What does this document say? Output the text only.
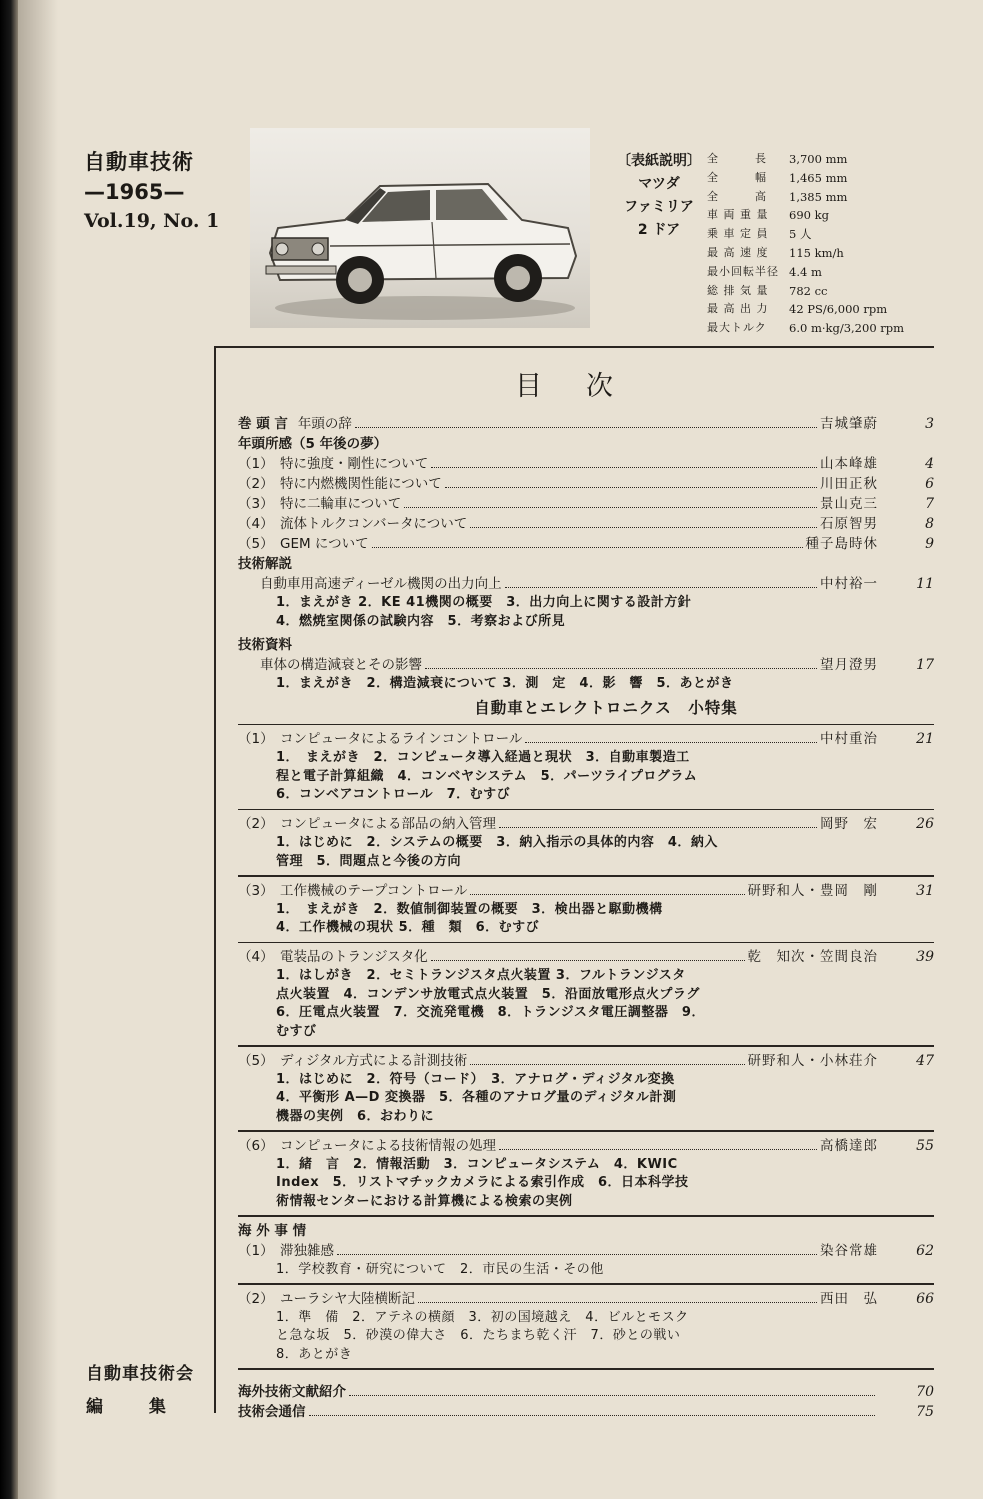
自動車技術
—1965—
Vol.19, No. 1
〔表紙説明〕
マツダ
ファミリア
2 ドア
全　　　長	3,700 mm
全　　　幅	1,465 mm
全　　　高	1,385 mm
車 両 重 量	690 kg
乗 車 定 員	5 人
最 高 速 度	115 km/h
最小回転半径 4.4 m
総 排 気 量	782 cc
最 高 出 力	42 PS/6,000 rpm
最大トルク	6.0 m·kg/3,200 rpm
目次
巻 頭 言 年頭の辞	吉城肇蔚	3
年頭所感（5 年後の夢）
（1） 特に強度・剛性について	山本峰雄	4
（2） 特に内燃機関性能について	川田正秋	6
（3） 特に二輪車について	景山克三	7
（4） 流体トルクコンバータについて	石原智男	8
（5） GEM について	種子島時休	9
技術解説
自動車用高速ディーゼル機関の出力向上	中村裕一	11
1．まえがき 2．KE 41機関の概要　3．出力向上に関する設計方針
4．燃焼室関係の試験内容　5．考察および所見
技術資料
車体の構造減衰とその影響	望月澄男	17
1．まえがき　2．構造減衰について 3．測　定　4．影　響　5．あとがき
自動車とエレクトロニクス　小特集
（1） コンピュータによるラインコントロール	中村重治	21
1．　まえがき　2．コンピュータ導入経過と現状　3．自動車製造工
程と電子計算組織　4．コンベヤシステム　5．パーツライプログラム
6．コンベアコントロール　7．むすび
（2） コンピュータによる部品の納入管理	岡野　宏	26
1．はじめに　2．システムの概要　3．納入指示の具体的内容　4．納入
管理　5．問題点と今後の方向
（3） 工作機械のテープコントロール	研野和人・豊岡　剛	31
1．　まえがき　2．数値制御装置の概要　3．検出器と駆動機構
4．工作機械の現状 5．種　類　6．むすび
（4） 電装品のトランジスタ化	乾　知次・笠間良治	39
1．はしがき　2．セミトランジスタ点火装置 3．フルトランジスタ
点火装置　4．コンデンサ放電式点火装置　5．沿面放電形点火プラグ
6．圧電点火装置　7．交流発電機　8．トランジスタ電圧調整器　9．
むすび
（5） ディジタル方式による計測技術	研野和人・小林荘介	47
1．はじめに　2．符号（コード）　3．アナログ・ディジタル変換
4．平衡形 A—D 変換器　5．各種のアナログ量のディジタル計測
機器の実例　6．おわりに
（6） コンピュータによる技術情報の処理	高橋達郎	55
1．緒　言　2．情報活動　3．コンピュータシステム　4．KWIC
Index　5．リストマチックカメラによる索引作成　6．日本科学技
術情報センターにおける計算機による検索の実例
海 外 事 情
（1） 滞独雑感	染谷常雄	62
1．学校教育・研究について　2．市民の生活・その他
（2） ユーラシヤ大陸横断記	西田　弘	66
1．準　備　2．アテネの横顔　3．初の国境越え　4．ビルとモスク
と急な坂　5．砂漠の偉大さ　6．たちまち乾く汗　7．砂との戦い
8．あとがき
海外技術文献紹介	70
技術会通信	75
自動車技術会
編 集
